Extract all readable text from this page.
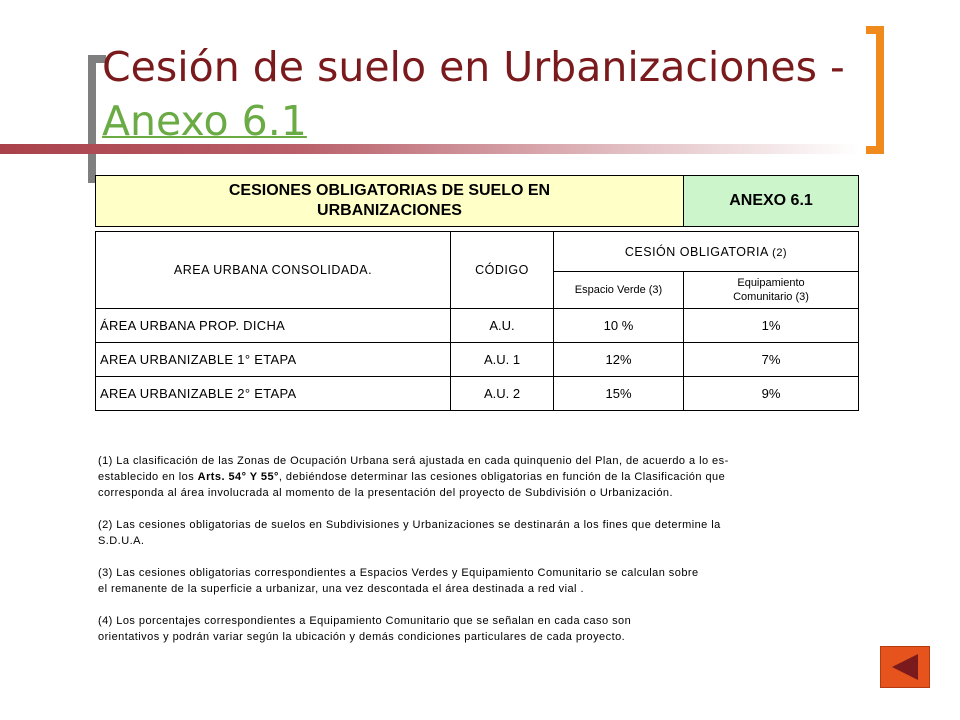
Cesión de suelo en Urbanizaciones -
Anexo 6.1
CESIONES OBLIGATORIAS DE SUELO EN
URBANIZACIONES			ANEXO 6.1

AREA URBANA CONSOLIDADA.	CÓDIGO	CESIÓN OBLIGATORIA (2)	
		Espacio Verde (3)	Equipamiento
Comunitario (3)
ÁREA URBANA PROP. DICHA	A.U.	10 %	1%
AREA URBANIZABLE 1° ETAPA	A.U. 1	12%	7%
AREA URBANIZABLE 2° ETAPA	A.U. 2	15%	9%

(1) La clasificación de las Zonas de Ocupación Urbana será ajustada en cada quinquenio del Plan, de acuerdo a lo es-
establecido en los Arts. 54° Y 55°, debiéndose determinar las cesiones obligatorias en función de la Clasificación que
corresponda al área involucrada al momento de la presentación del proyecto de Subdivisión o Urbanización.

(2) Las cesiones obligatorias de suelos en Subdivisiones y Urbanizaciones se destinarán a los fines que determine la
S.D.U.A.

(3) Las cesiones obligatorias correspondientes a Espacios Verdes y Equipamiento Comunitario se calculan sobre
el remanente de la superficie a urbanizar, una vez descontada el área destinada a red vial .

(4) Los porcentajes correspondientes a Equipamiento Comunitario que se señalan en cada caso son
orientativos y podrán variar según la ubicación y demás condiciones particulares de cada proyecto.
